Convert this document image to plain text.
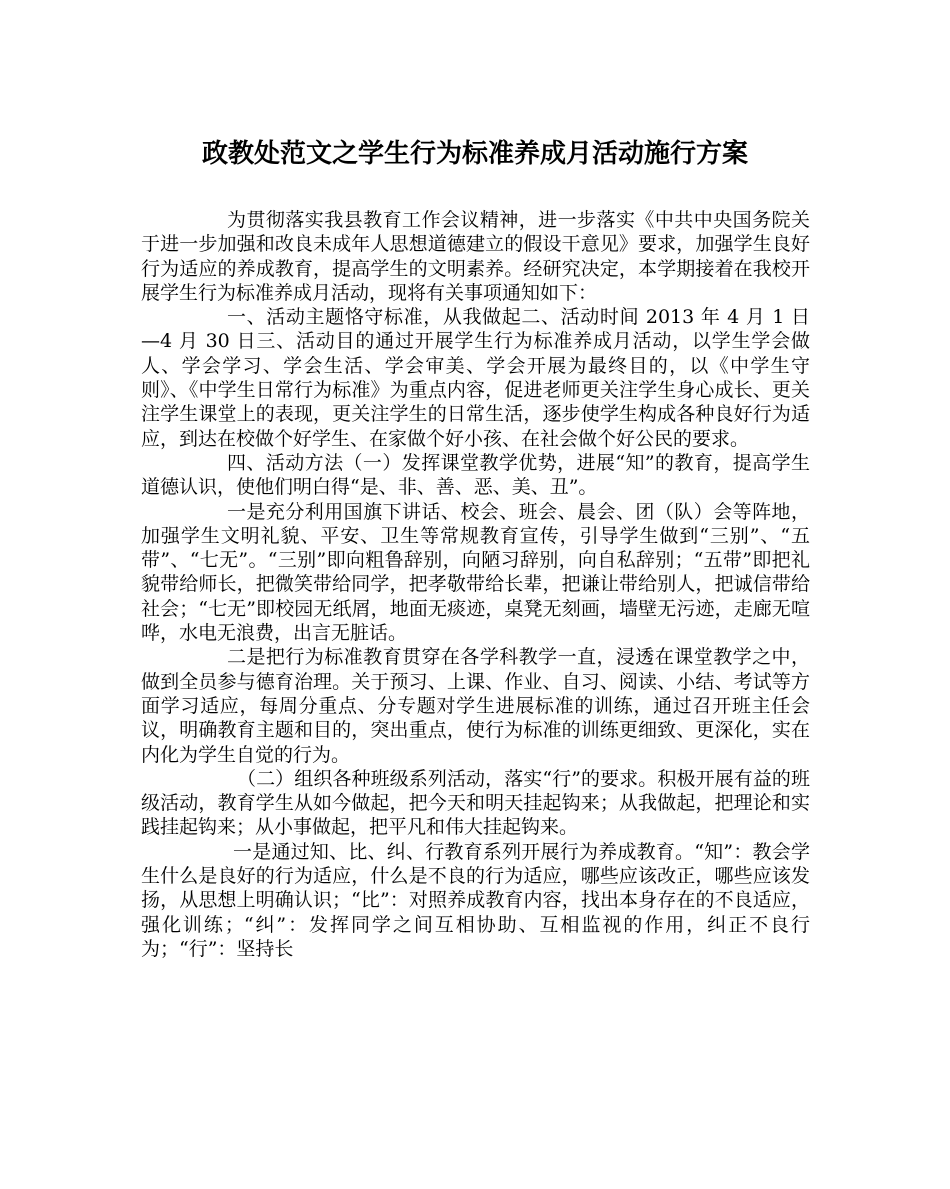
政教处范文之学生行为标准养成月活动施行方案

为贯彻落实我县教育工作会议精神，进一步落实《中共中央国务院关于进一步加强和改良未成年人思想道德建立的假设干意见》要求，加强学生良好行为适应的养成教育，提高学生的文明素养。经研究决定，本学期接着在我校开展学生行为标准养成月活动，现将有关事项通知如下：

一、活动主题恪守标准，从我做起二、活动时间 2013 年 4 月 1 日—4 月 30 日三、活动目的通过开展学生行为标准养成月活动，以学生学会做人、学会学习、学会生活、学会审美、学会开展为最终目的，以《中学生守则》、《中学生日常行为标准》为重点内容，促进老师更关注学生身心成长、更关注学生课堂上的表现，更关注学生的日常生活，逐步使学生构成各种良好行为适应，到达在校做个好学生、在家做个好小孩、在社会做个好公民的要求。

四、活动方法（一）发挥课堂教学优势，进展“知”的教育，提高学生道德认识，使他们明白得“是、非、善、恶、美、丑”。

一是充分利用国旗下讲话、校会、班会、晨会、团（队）会等阵地，加强学生文明礼貌、平安、卫生等常规教育宣传，引导学生做到“三别”、“五带”、“七无”。“三别”即向粗鲁辞别，向陋习辞别，向自私辞别；“五带”即把礼貌带给师长，把微笑带给同学，把孝敬带给长辈，把谦让带给别人，把诚信带给社会；“七无”即校园无纸屑，地面无痰迹，桌凳无刻画，墙壁无污迹，走廊无喧哗，水电无浪费，出言无脏话。

二是把行为标准教育贯穿在各学科教学一直，浸透在课堂教学之中，做到全员参与德育治理。关于预习、上课、作业、自习、阅读、小结、考试等方面学习适应，每周分重点、分专题对学生进展标准的训练，通过召开班主任会议，明确教育主题和目的，突出重点，使行为标准的训练更细致、更深化，实在内化为学生自觉的行为。

（二）组织各种班级系列活动，落实“行”的要求。积极开展有益的班级活动，教育学生从如今做起，把今天和明天挂起钩来；从我做起，把理论和实践挂起钩来；从小事做起，把平凡和伟大挂起钩来。

一是通过知、比、纠、行教育系列开展行为养成教育。“知”：教会学生什么是良好的行为适应，什么是不良的行为适应，哪些应该改正，哪些应该发扬，从思想上明确认识；“比”：对照养成教育内容，找出本身存在的不良适应，强化训练；“纠”：发挥同学之间互相协助、互相监视的作用，纠正不良行为；“行”：坚持长
